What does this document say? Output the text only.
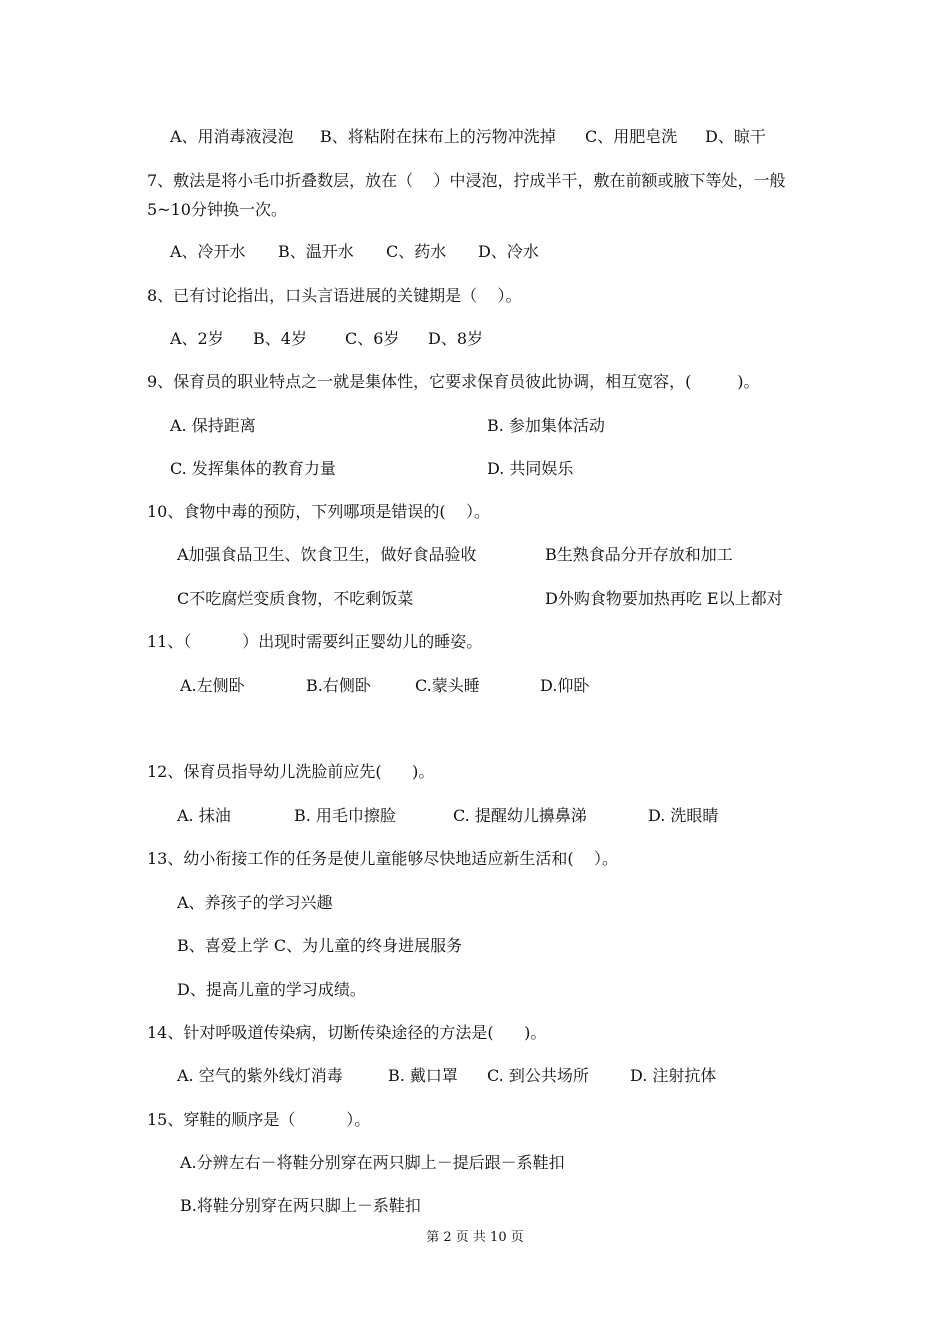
A、用消毒液浸泡 B、将粘附在抹布上的污物冲洗掉 C、用肥皂洗 D、晾干
7、敷法是将小毛巾折叠数层，放在（    ）中浸泡，拧成半干，敷在前额或腋下等处，一般
5~10分钟换一次。
A、冷开水 B、温开水 C、药水 D、冷水
8、已有讨论指出，口头言语进展的关键期是（    ）。
A、2岁 B、4岁 C、6岁 D、8岁
9、保育员的职业特点之一就是集体性，它要求保育员彼此协调，相互宽容，(         )。
A. 保持距离	B. 参加集体活动
C. 发挥集体的教育力量	D. 共同娱乐
10、食物中毒的预防，下列哪项是错误的(    ）。
A加强食品卫生、饮食卫生，做好食品验收	B生熟食品分开存放和加工
C不吃腐烂变质食物，不吃剩饭菜	D外购食物要加热再吃 E以上都对
11、（          ）出现时需要纠正婴幼儿的睡姿。
A.左侧卧	B.右侧卧	C.蒙头睡	D.仰卧
12、保育员指导幼儿洗脸前应先(      )。
A. 抹油	B. 用毛巾擦脸	C. 提醒幼儿擤鼻涕	D. 洗眼睛
13、幼小衔接工作的任务是使儿童能够尽快地适应新生活和(    ）。
A、养孩子的学习兴趣
B、喜爱上学 C、为儿童的终身进展服务
D、提高儿童的学习成绩。
14、针对呼吸道传染病，切断传染途径的方法是(      )。
A. 空气的紫外线灯消毒	B. 戴口罩 C. 到公共场所	D. 注射抗体
15、穿鞋的顺序是（          ）。
A.分辨左右－将鞋分别穿在两只脚上－提后跟－系鞋扣
B.将鞋分别穿在两只脚上－系鞋扣
第 2 页 共 10 页
